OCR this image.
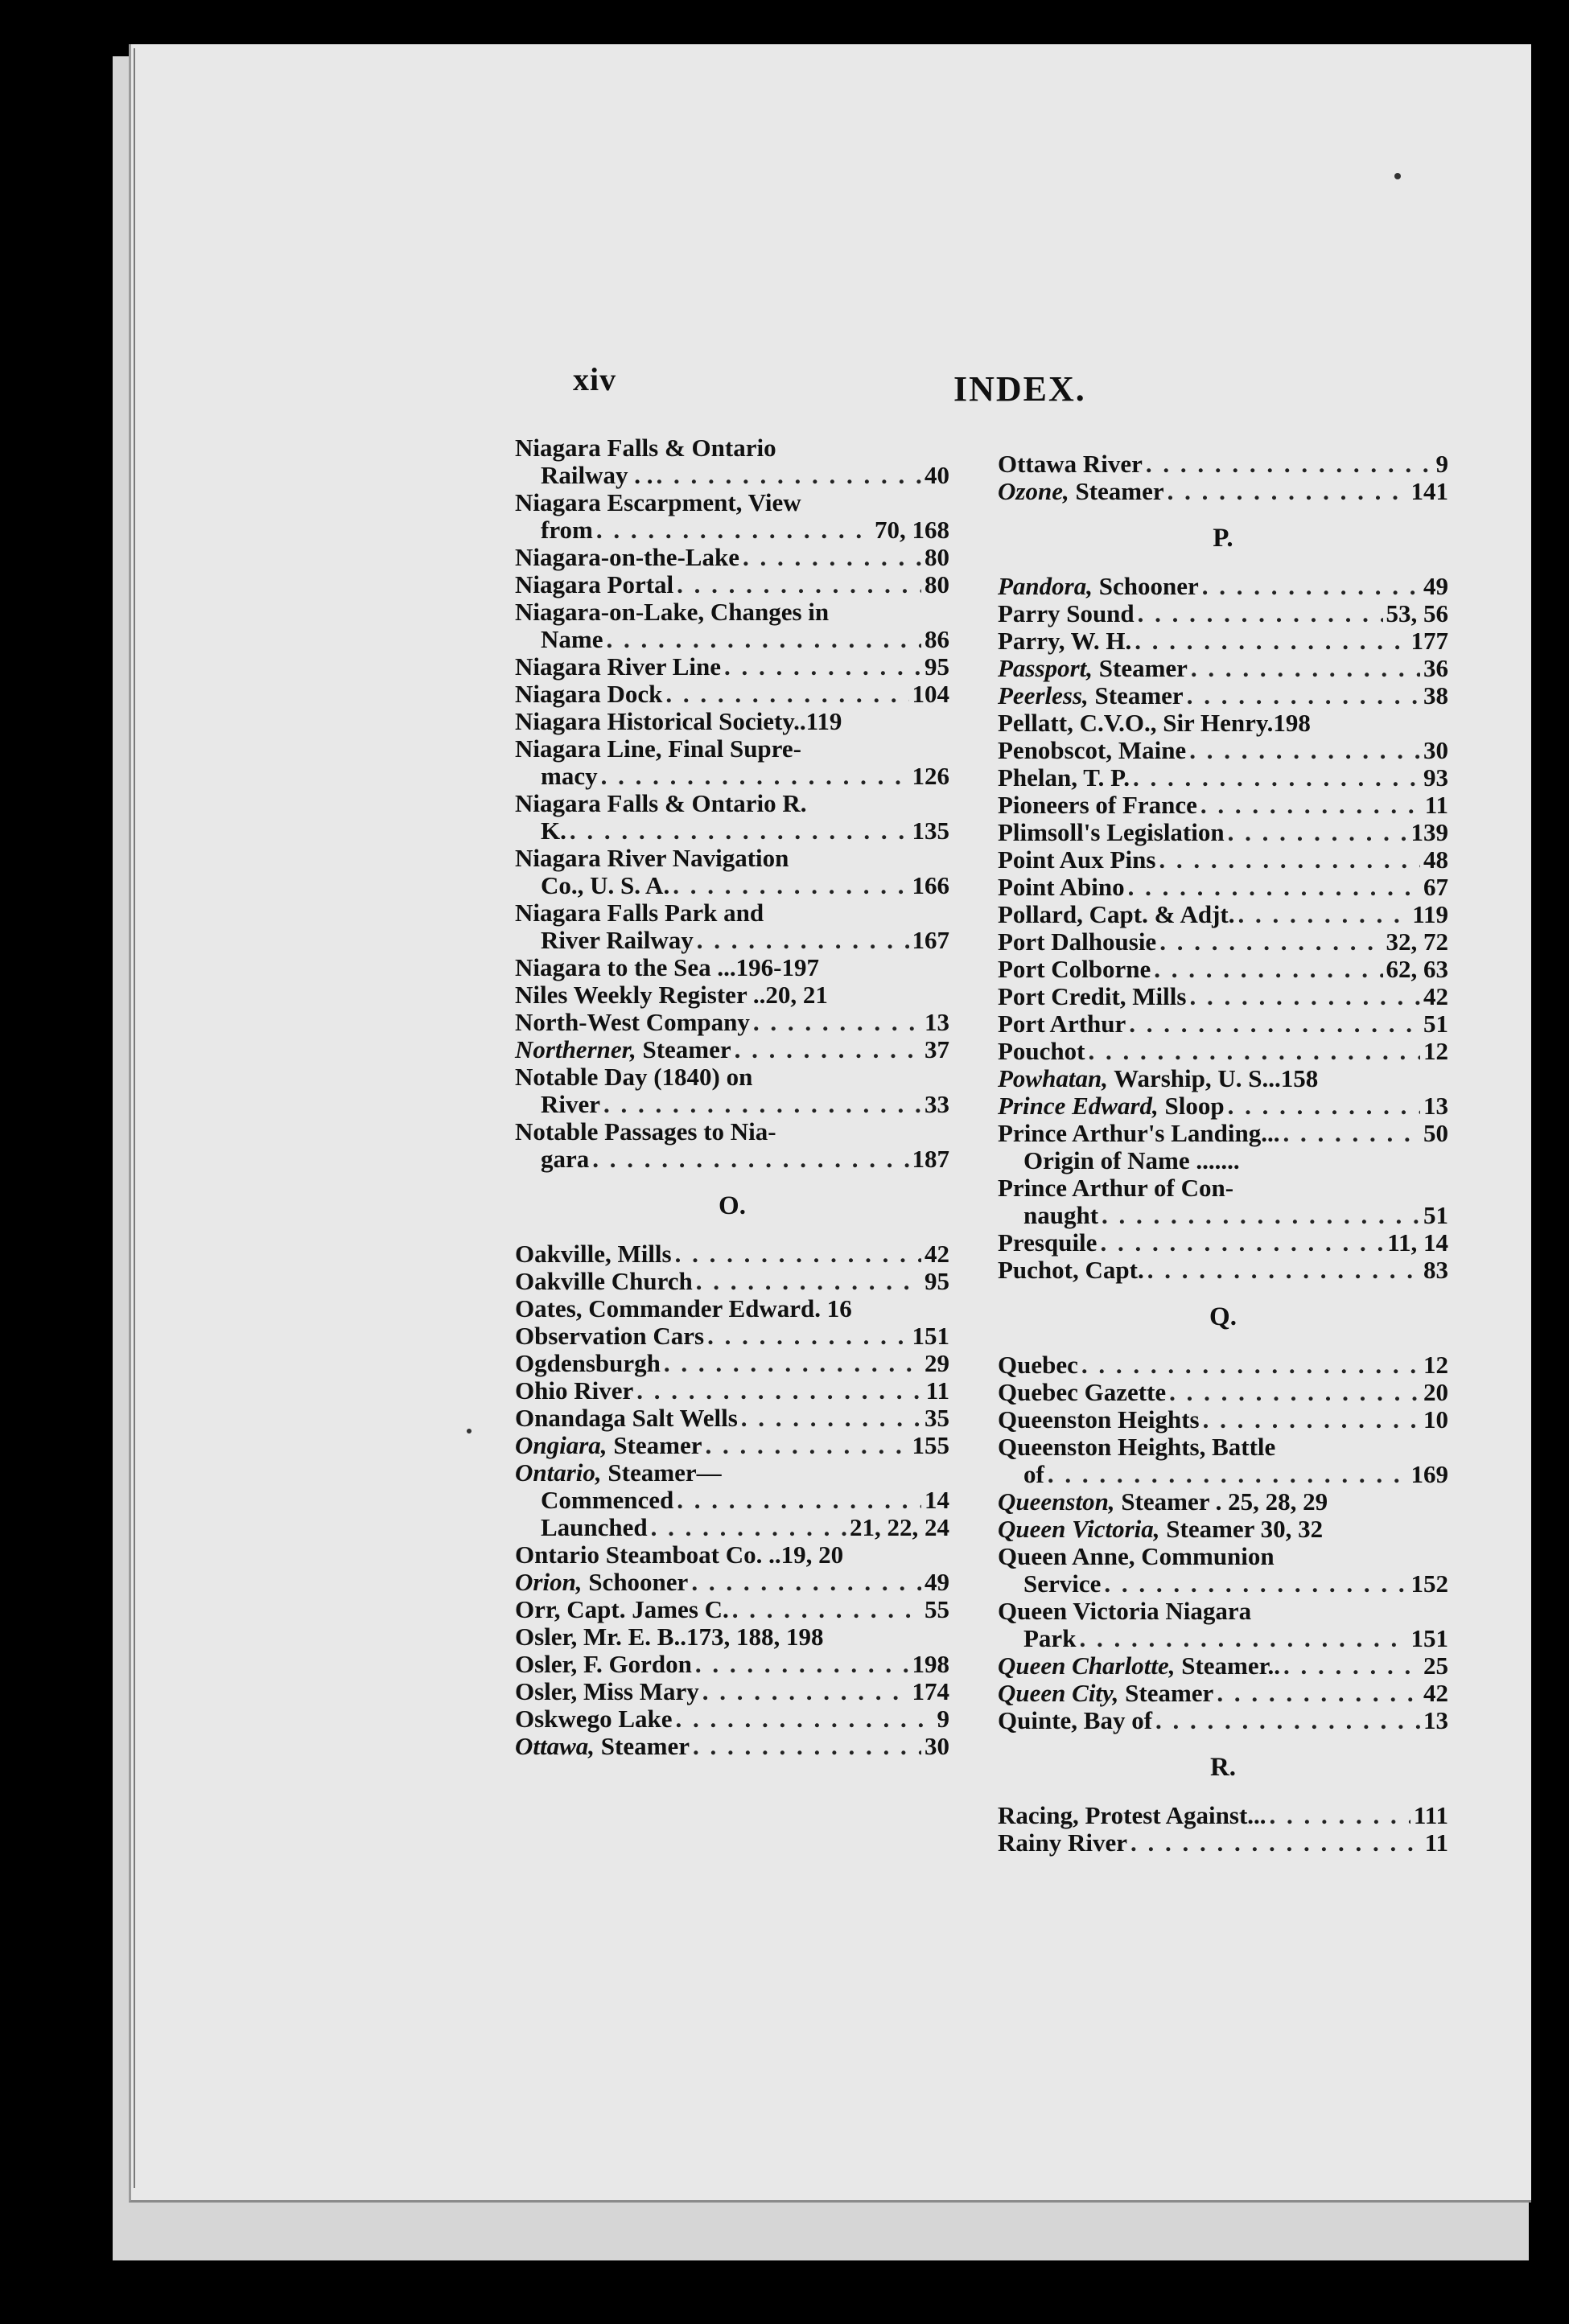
xiv	INDEX.
Niagara Falls & Ontario
Railway . . . . .	40
Niagara Escarpment, View
from . . .	70, 168
Niagara-on-the-Lake . . .	80
Niagara Portal . . .	80
Niagara-on-Lake, Changes in
Name . . .	86
Niagara River Line . . .	95
Niagara Dock . . .	104
Niagara Historical Society..119
Niagara Line, Final Supre-
macy . . .	126
Niagara Falls & Ontario R.
K. . . .	135
Niagara River Navigation
Co., U. S. A. . . .	166
Niagara Falls Park and
River Railway . . .	167
Niagara to the Sea ...196-197
Niles Weekly Register ..20, 21
North-West Company . . .	13
Northerner, Steamer . . .	37
Notable Day (1840) on
River . . .	33
Notable Passages to Nia-
gara . . .	187
O.
Oakville, Mills . . .	42
Oakville Church . . .	95
Oates, Commander Edward. 16
Observation Cars . . .	151
Ogdensburgh . . .	29
Ohio River . . .	11
Onandaga Salt Wells . . .	35
Ongiara, Steamer . . .	155
Ontario, Steamer—
Commenced . . .	14
Launched . . .	21, 22, 24
Ontario Steamboat Co. ..19, 20
Orion, Schooner . . .	49
Orr, Capt. James C. . . .	55
Osler, Mr. E. B..173, 188, 198
Osler, F. Gordon . . .	198
Osler, Miss Mary . . .	174
Oskwego Lake . . .	9
Ottawa, Steamer . . .	30
Ottawa River . . .	9
Ozone, Steamer . . .	141
P.
Pandora, Schooner . . .	49
Parry Sound . . .	53, 56
Parry, W. H. . . .	177
Passport, Steamer . . .	36
Peerless, Steamer . . .	38
Pellatt, C.V.O., Sir Henry.198
Penobscot, Maine . . .	30
Phelan, T. P. . . .	93
Pioneers of France . . .	11
Plimsoll's Legislation . . .	139
Point Aux Pins . . .	48
Point Abino . . .	67
Pollard, Capt. & Adjt. . . .	119
Port Dalhousie . . .	32, 72
Port Colborne . . .	62, 63
Port Credit, Mills . . .	42
Port Arthur . . .	51
Pouchot . . .	12
Powhatan, Warship, U. S...158
Prince Edward, Sloop . . .	13
Prince Arthur's Landing... . . .	50
Origin of Name .......
Prince Arthur of Con-
naught . . .	51
Presquile . . .	11, 14
Puchot, Capt. . . .	83
Q.
Quebec . . .	12
Quebec Gazette . . .	20
Queenston Heights . . .	10
Queenston Heights, Battle
of . . .	169
Queenston, Steamer . 25, 28, 29
Queen Victoria, Steamer 30, 32
Queen Anne, Communion
Service . . .	152
Queen Victoria Niagara
Park . . .	151
Queen Charlotte, Steamer.. . . .	25
Queen City, Steamer . . .	42
Quinte, Bay of . . .	13
R.
Racing, Protest Against... . . .	111
Rainy River . . .	11
